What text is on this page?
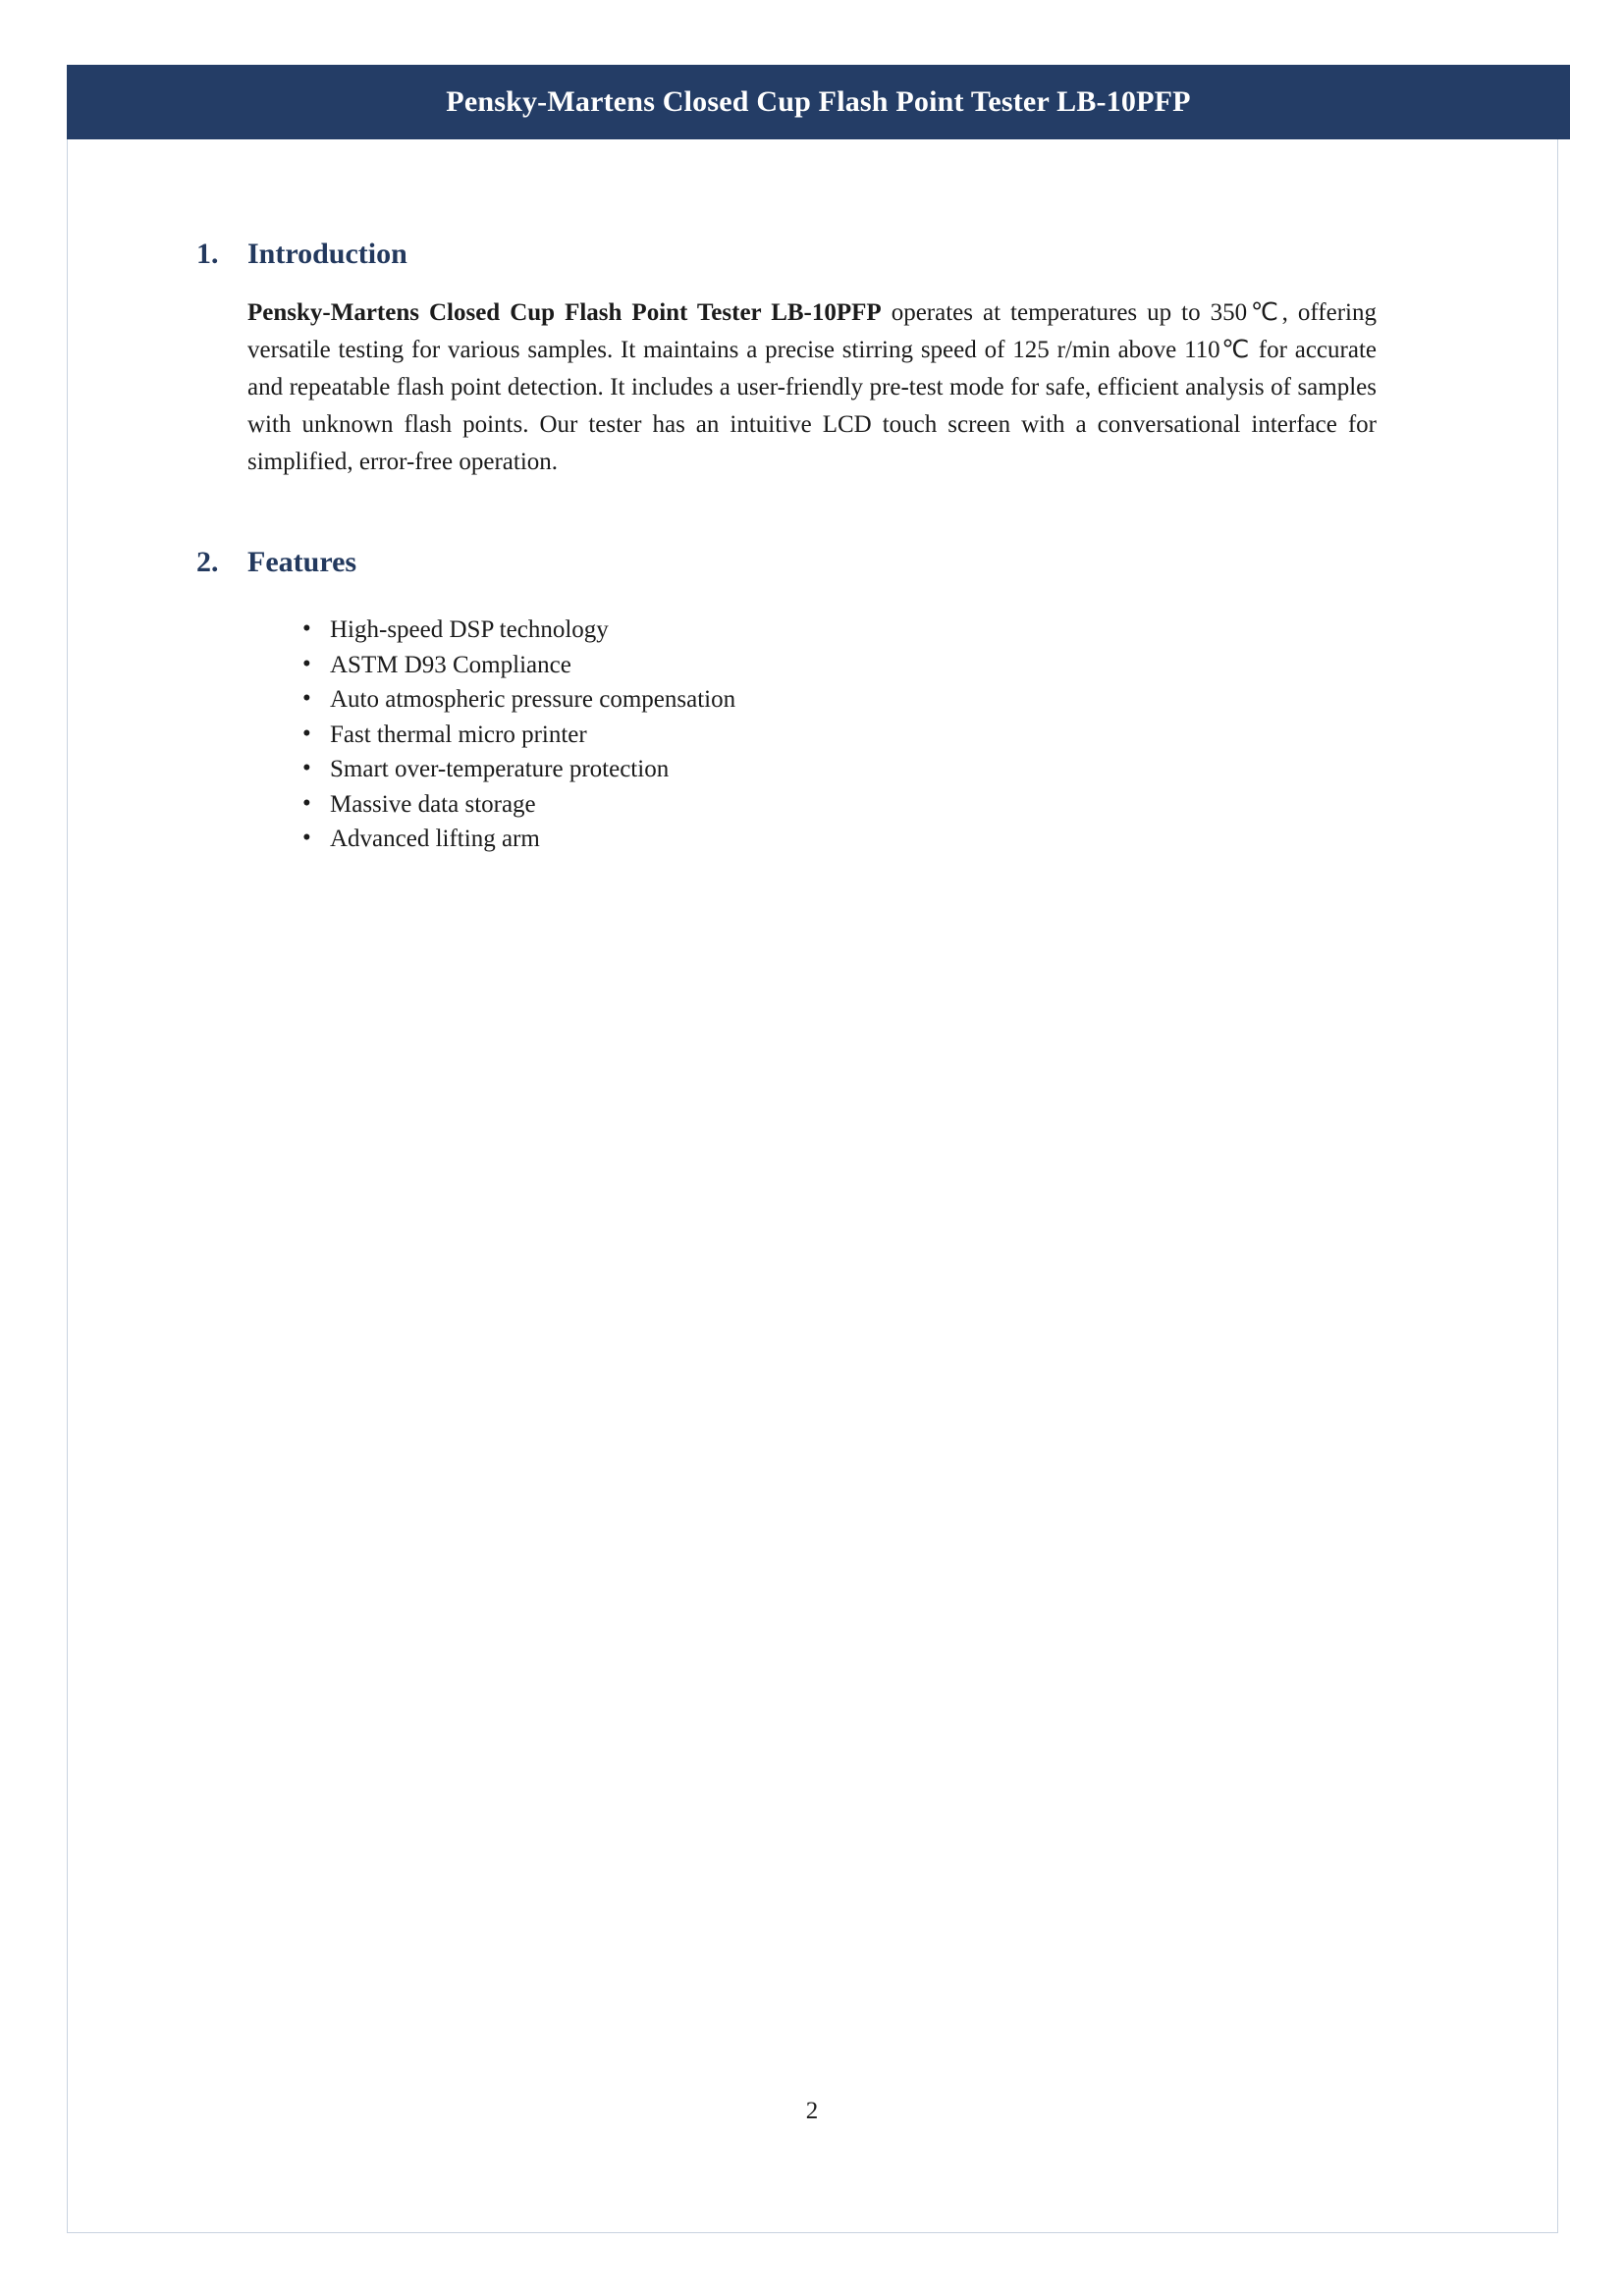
Pensky-Martens Closed Cup Flash Point Tester LB-10PFP
1. Introduction

Pensky-Martens Closed Cup Flash Point Tester LB-10PFP operates at temperatures up to 350℃, offering versatile testing for various samples. It maintains a precise stirring speed of 125 r/min above 110℃ for accurate and repeatable flash point detection. It includes a user-friendly pre-test mode for safe, efficient analysis of samples with unknown flash points. Our tester has an intuitive LCD touch screen with a conversational interface for simplified, error-free operation.

2. Features
• High-speed DSP technology
• ASTM D93 Compliance
• Auto atmospheric pressure compensation
• Fast thermal micro printer
• Smart over-temperature protection
• Massive data storage
• Advanced lifting arm
2
